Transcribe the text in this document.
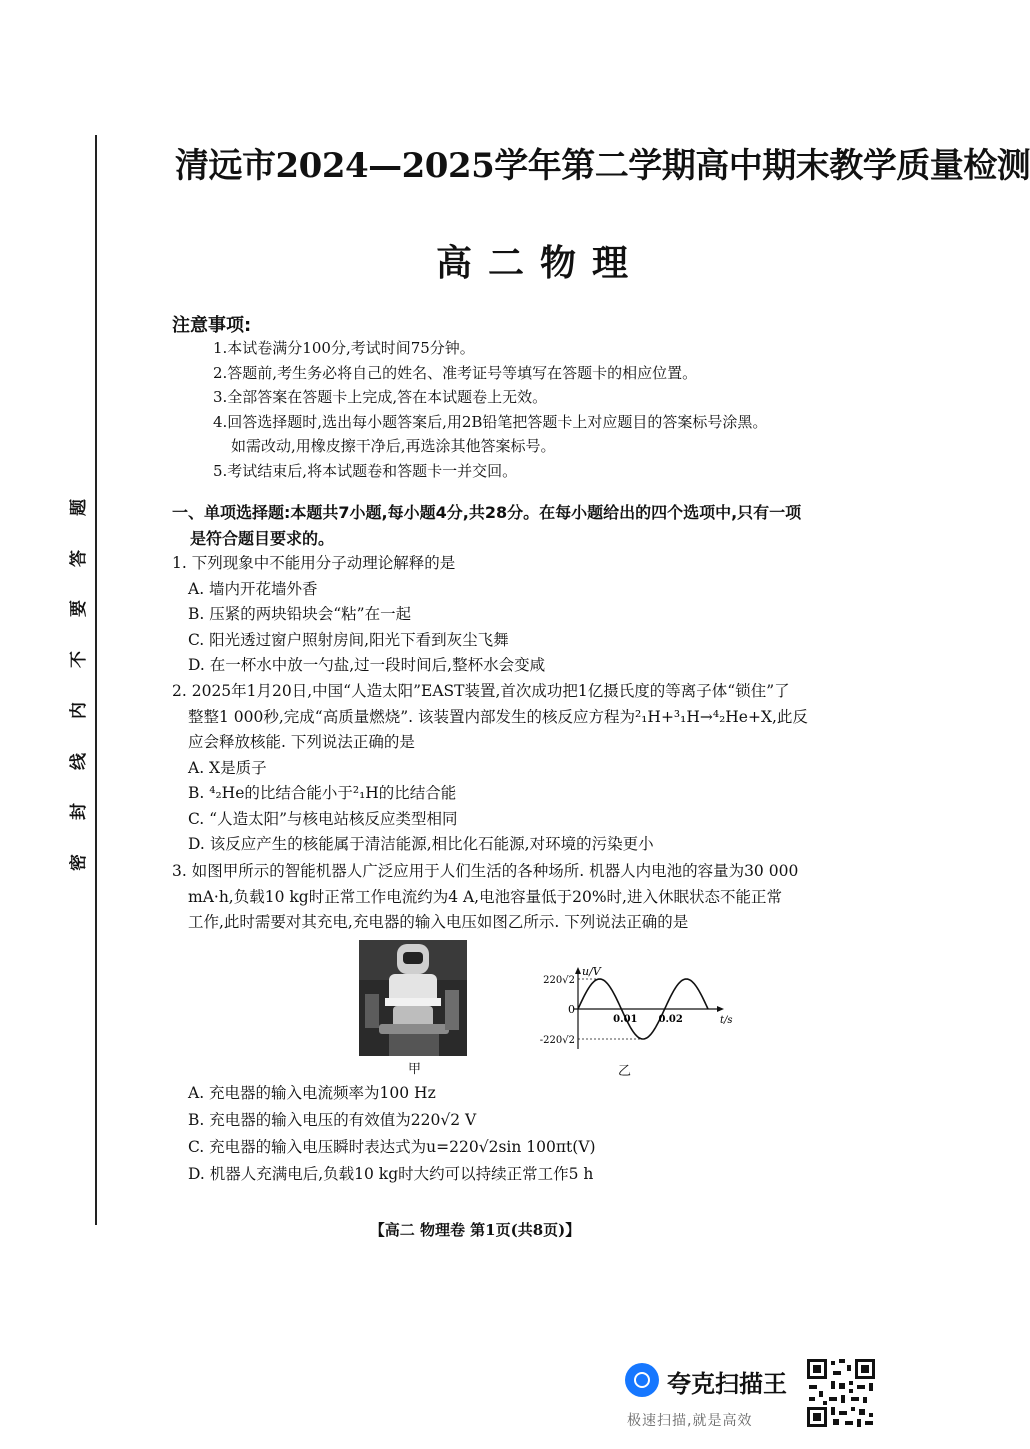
题
答
要
不
内
线
封
密
清远市2024—2025学年第二学期高中期末教学质量检测
高二物理
注意事项:
1.本试卷满分100分,考试时间75分钟。
2.答题前,考生务必将自己的姓名、准考证号等填写在答题卡的相应位置。
3.全部答案在答题卡上完成,答在本试题卷上无效。
4.回答选择题时,选出每小题答案后,用2B铅笔把答题卡上对应题目的答案标号涂黑。
如需改动,用橡皮擦干净后,再选涂其他答案标号。
5.考试结束后,将本试题卷和答题卡一并交回。
一、单项选择题:本题共7小题,每小题4分,共28分。在每小题给出的四个选项中,只有一项
是符合题目要求的。
1. 下列现象中不能用分子动理论解释的是
A. 墙内开花墙外香
B. 压紧的两块铅块会“粘”在一起
C. 阳光透过窗户照射房间,阳光下看到灰尘飞舞
D. 在一杯水中放一勺盐,过一段时间后,整杯水会变咸
2. 2025年1月20日,中国“人造太阳”EAST装置,首次成功把1亿摄氏度的等离子体“锁住”了
整整1 000秒,完成“高质量燃烧”. 该装置内部发生的核反应方程为²₁H+³₁H→⁴₂He+X,此反
应会释放核能. 下列说法正确的是
A. X是质子
B. ⁴₂He的比结合能小于²₁H的比结合能
C. “人造太阳”与核电站核反应类型相同
D. 该反应产生的核能属于清洁能源,相比化石能源,对环境的污染更小
3. 如图甲所示的智能机器人广泛应用于人们生活的各种场所. 机器人内电池的容量为30 000
mA·h,负载10 kg时正常工作电流约为4 A,电池容量低于20%时,进入休眠状态不能正常
工作,此时需要对其充电,充电器的输入电压如图乙所示. 下列说法正确的是
甲
u/V
t/s
0
220√2
-220√2
0.01 0.02
乙
A. 充电器的输入电流频率为100 Hz
B. 充电器的输入电压的有效值为220√2 V
C. 充电器的输入电压瞬时表达式为u=220√2sin 100πt(V)
D. 机器人充满电后,负载10 kg时大约可以持续正常工作5 h
【高二 物理卷 第1页(共8页)】
夸克扫描王
极速扫描,就是高效
